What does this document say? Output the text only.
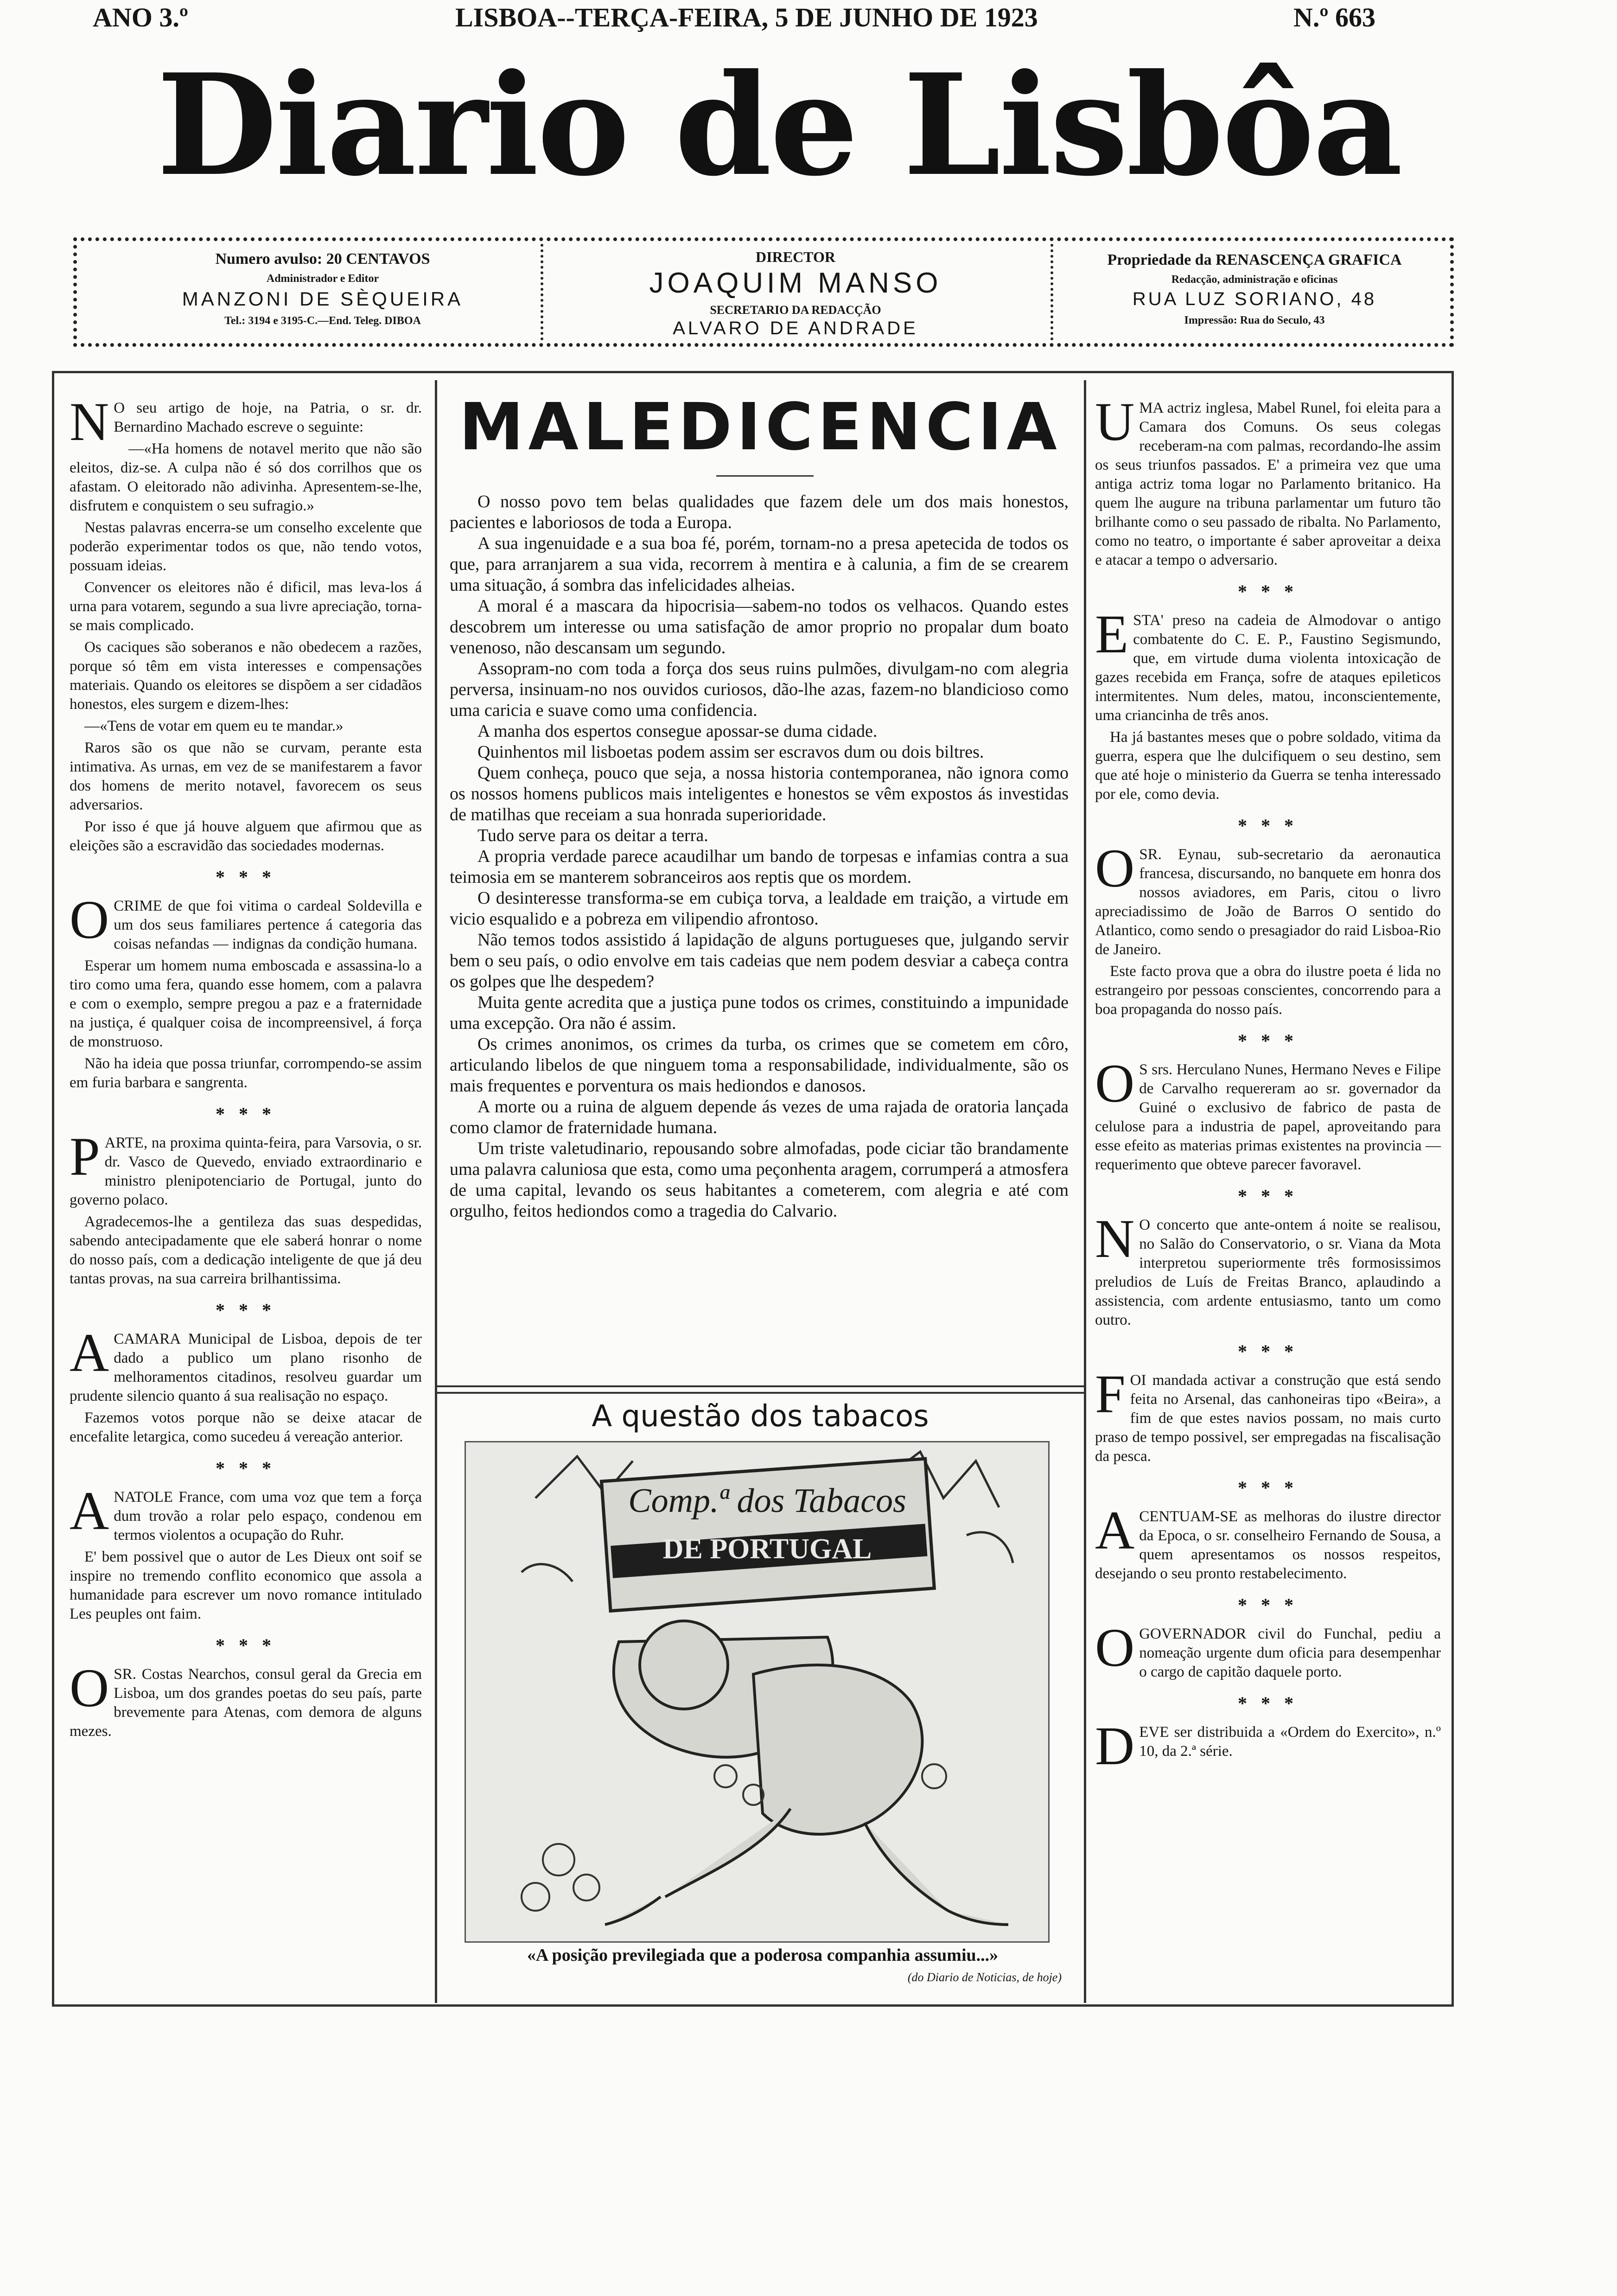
ANO 3.º	LISBOA--TERÇA-FEIRA, 5 DE JUNHO DE 1923	N.º 663
Diario de Lisbôa
Numero avulso: 20 CENTAVOS
Administrador e Editor
MANZONI DE SÈQUEIRA
Tel.: 3194 e 3195-C.—End. Teleg. DIBOA
DIRECTOR
JOAQUIM MANSO
SECRETARIO DA REDACÇÃO
ALVARO DE ANDRADE
Propriedade da RENASCENÇA GRAFICA
Redacção, administração e oficinas
RUA LUZ SORIANO, 48
Impressão: Rua do Seculo, 43

N O seu artigo de hoje, na Patria, o sr. dr. Bernardino Machado escreve o seguinte:

—«Ha homens de notavel merito que não são eleitos, diz-se. A culpa não é só dos corrilhos que os afastam. O eleitorado não adivinha. Apresentem-se-lhe, disfrutem e conquistem o seu sufragio.»

Nestas palavras encerra-se um conselho excelente que poderão experimentar todos os que, não tendo votos, possuam ideias.

Convencer os eleitores não é dificil, mas leva-los á urna para votarem, segundo a sua livre apreciação, torna-se mais complicado.

Os caciques são soberanos e não obedecem a razões, porque só têm em vista interesses e compensações materiais. Quando os eleitores se dispõem a ser cidadãos honestos, eles surgem e dizem-lhes:

—«Tens de votar em quem eu te mandar.»

Raros são os que não se curvam, perante esta intimativa. As urnas, em vez de se manifestarem a favor dos homens de merito notavel, favorecem os seus adversarios.

Por isso é que já houve alguem que afirmou que as eleições são a escravidão das sociedades modernas.

* * *

OCRIME de que foi vitima o cardeal Soldevilla e um dos seus familiares pertence á categoria das coisas nefandas — indignas da condição humana.

Esperar um homem numa emboscada e assassina-lo a tiro como uma fera, quando esse homem, com a palavra e com o exemplo, sempre pregou a paz e a fraternidade na justiça, é qualquer coisa de incompreensivel, á força de monstruoso.

Não ha ideia que possa triunfar, corrompendo-se assim em furia barbara e sangrenta.

* * *

PARTE, na proxima quinta-feira, para Varsovia, o sr. dr. Vasco de Quevedo, enviado extraordinario e ministro plenipotenciario de Portugal, junto do governo polaco.

Agradecemos-lhe a gentileza das suas despedidas, sabendo antecipadamente que ele saberá honrar o nome do nosso país, com a dedicação inteligente de que já deu tantas provas, na sua carreira brilhantissima.

* * *

ACAMARA Municipal de Lisboa, depois de ter dado a publico um plano risonho de melhoramentos citadinos, resolveu guardar um prudente silencio quanto á sua realisação no espaço.

Fazemos votos porque não se deixe atacar de encefalite letargica, como sucedeu á vereação anterior.

* * *

ANATOLE France, com uma voz que tem a força dum trovão a rolar pelo espaço, condenou em termos violentos a ocupação do Ruhr.

E' bem possivel que o autor de Les Dieux ont soif se inspire no tremendo conflito economico que assola a humanidade para escrever um novo romance intitulado Les peuples ont faim.

* * *

OSR. Costas Nearchos, consul geral da Grecia em Lisboa, um dos grandes poetas do seu país, parte brevemente para Atenas, com demora de alguns mezes.

MALEDICENCIA

O nosso povo tem belas qualidades que fazem dele um dos mais honestos, pacientes e laboriosos de toda a Europa.

A sua ingenuidade e a sua boa fé, porém, tornam-no a presa apetecida de todos os que, para arranjarem a sua vida, recorrem à mentira e à calunia, a fim de se crearem uma situação, á sombra das infelicidades alheias.

A moral é a mascara da hipocrisia—sabem-no todos os velhacos. Quando estes descobrem um interesse ou uma satisfação de amor proprio no propalar dum boato venenoso, não descansam um segundo.

Assopram-no com toda a força dos seus ruins pulmões, divulgam-no com alegria perversa, insinuam-no nos ouvidos curiosos, dão-lhe azas, fazem-no blandicioso como uma caricia e suave como uma confidencia.

A manha dos espertos consegue apossar-se duma cidade.

Quinhentos mil lisboetas podem assim ser escravos dum ou dois biltres.

Quem conheça, pouco que seja, a nossa historia contemporanea, não ignora como os nossos homens publicos mais inteligentes e honestos se vêm expostos ás investidas de matilhas que receiam a sua honrada superioridade.

Tudo serve para os deitar a terra.

A propria verdade parece acaudilhar um bando de torpesas e infamias contra a sua teimosia em se manterem sobranceiros aos reptis que os mordem.

O desinteresse transforma-se em cubiça torva, a lealdade em traição, a virtude em vicio esqualido e a pobreza em vilipendio afrontoso.

Não temos todos assistido á lapidação de alguns portugueses que, julgando servir bem o seu país, o odio envolve em tais cadeias que nem podem desviar a cabeça contra os golpes que lhe despedem?

Muita gente acredita que a justiça pune todos os crimes, constituindo a impunidade uma excepção. Ora não é assim.

Os crimes anonimos, os crimes da turba, os crimes que se cometem em côro, articulando libelos de que ninguem toma a responsabilidade, individualmente, são os mais frequentes e porventura os mais hediondos e danosos.

A morte ou a ruina de alguem depende ás vezes de uma rajada de oratoria lançada como clamor de fraternidade humana.

Um triste valetudinario, repousando sobre almofadas, pode ciciar tão brandamente uma palavra caluniosa que esta, como uma peçonhenta aragem, corrumperá a atmosfera de uma capital, levando os seus habitantes a cometerem, com alegria e até com orgulho, feitos hediondos como a tragedia do Calvario.

A questão dos tabacos
Comp.ª dos Tabacos
DE PORTUGAL
«A posição previlegiada que a poderosa companhia assumiu...»
(do Diario de Noticias, de hoje)

UMA actriz inglesa, Mabel Runel, foi eleita para a Camara dos Comuns. Os seus colegas receberam-na com palmas, recordando-lhe assim os seus triunfos passados. E' a primeira vez que uma antiga actriz toma logar no Parlamento britanico. Ha quem lhe augure na tribuna parlamentar um futuro tão brilhante como o seu passado de ribalta. No Parlamento, como no teatro, o importante é saber aproveitar a deixa e atacar a tempo o adversario.

* * *

ESTA' preso na cadeia de Almodovar o antigo combatente do C. E. P., Faustino Segismundo, que, em virtude duma violenta intoxicação de gazes recebida em França, sofre de ataques epileticos intermitentes. Num deles, matou, inconscientemente, uma criancinha de três anos.

Ha já bastantes meses que o pobre soldado, vitima da guerra, espera que lhe dulcifiquem o seu destino, sem que até hoje o ministerio da Guerra se tenha interessado por ele, como devia.

* * *

OSR. Eynau, sub-secretario da aeronautica francesa, discursando, no banquete em honra dos nossos aviadores, em Paris, citou o livro apreciadissimo de João de Barros O sentido do Atlantico, como sendo o presagiador do raid Lisboa-Rio de Janeiro.

Este facto prova que a obra do ilustre poeta é lida no estrangeiro por pessoas conscientes, concorrendo para a boa propaganda do nosso país.

* * *

O S srs. Herculano Nunes, Hermano Neves e Filipe de Carvalho requereram ao sr. governador da Guiné o exclusivo de fabrico de pasta de celulose para a industria de papel, aproveitando para esse efeito as materias primas existentes na provincia — requerimento que obteve parecer favoravel.

* * *

N O concerto que ante-ontem á noite se realisou, no Salão do Conservatorio, o sr. Viana da Mota interpretou superiormente três formosissimos preludios de Luís de Freitas Branco, aplaudindo a assistencia, com ardente entusiasmo, tanto um como outro.

* * *

FOI mandada activar a construção que está sendo feita no Arsenal, das canhoneiras tipo «Beira», a fim de que estes navios possam, no mais curto praso de tempo possivel, ser empregadas na fiscalisação da pesca.

* * *

ACENTUAM-SE as melhoras do ilustre director da Epoca, o sr. conselheiro Fernando de Sousa, a quem apresentamos os nossos respeitos, desejando o seu pronto restabelecimento.

* * *

OGOVERNADOR civil do Funchal, pediu a nomeação urgente dum oficia para desempenhar o cargo de capitão daquele porto.

* * *

DEVE ser distribuida a «Ordem do Exercito», n.º 10, da 2.ª série.
